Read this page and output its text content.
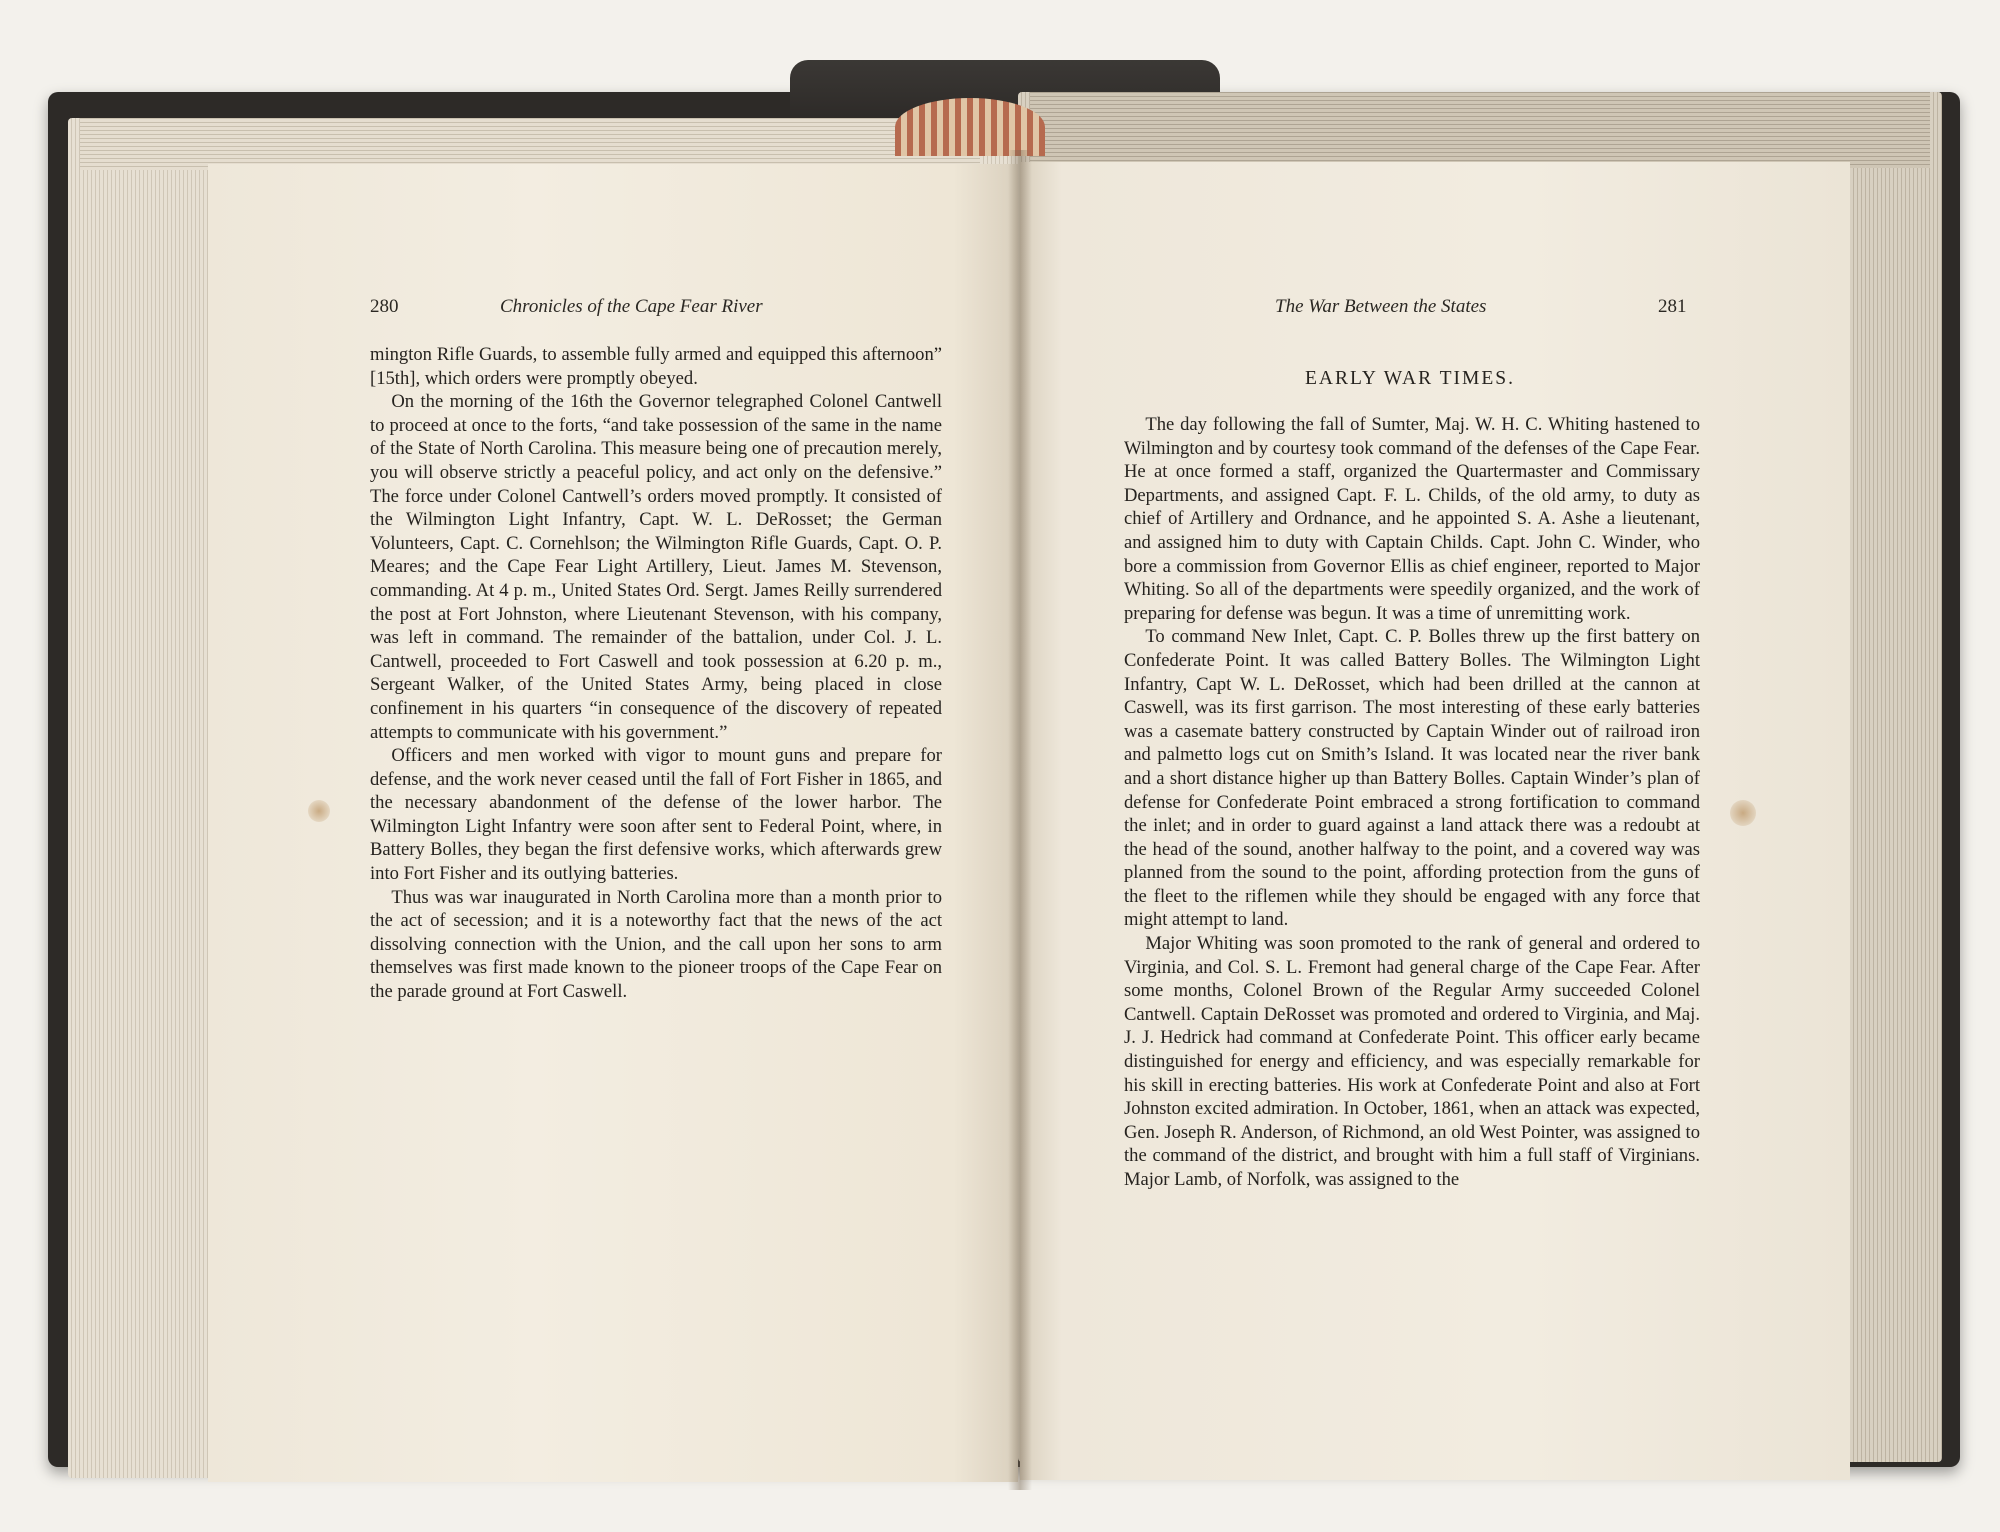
280	Chronicles of the Cape Fear River

mington Rifle Guards, to assemble fully armed and equipped this afternoon” [15th], which orders were promptly obeyed.

On the morning of the 16th the Governor telegraphed Colonel Cantwell to proceed at once to the forts, “and take possession of the same in the name of the State of North Carolina. This measure being one of precaution merely, you will observe strictly a peaceful policy, and act only on the defensive.” The force under Colonel Cantwell’s orders moved promptly. It consisted of the Wilmington Light Infantry, Capt. W. L. DeRosset; the German Volunteers, Capt. C. Cornehlson; the Wilmington Rifle Guards, Capt. O. P. Meares; and the Cape Fear Light Artillery, Lieut. James M. Stevenson, commanding. At 4 p. m., United States Ord. Sergt. James Reilly surrendered the post at Fort Johnston, where Lieutenant Stevenson, with his company, was left in command. The remainder of the battalion, under Col. J. L. Cantwell, proceeded to Fort Caswell and took possession at 6.20 p. m., Sergeant Walker, of the United States Army, being placed in close confinement in his quarters “in consequence of the discovery of repeated attempts to communicate with his government.”

Officers and men worked with vigor to mount guns and prepare for defense, and the work never ceased until the fall of Fort Fisher in 1865, and the necessary abandonment of the defense of the lower harbor. The Wilmington Light Infantry were soon after sent to Federal Point, where, in Battery Bolles, they began the first defensive works, which afterwards grew into Fort Fisher and its outlying batteries.

Thus was war inaugurated in North Carolina more than a month prior to the act of secession; and it is a noteworthy fact that the news of the act dissolving connection with the Union, and the call upon her sons to arm themselves was first made known to the pioneer troops of the Cape Fear on the parade ground at Fort Caswell.

The War Between the States	281
EARLY WAR TIMES.

The day following the fall of Sumter, Maj. W. H. C. Whiting hastened to Wilmington and by courtesy took command of the defenses of the Cape Fear. He at once formed a staff, organized the Quartermaster and Commissary Departments, and assigned Capt. F. L. Childs, of the old army, to duty as chief of Artillery and Ordnance, and he appointed S. A. Ashe a lieutenant, and assigned him to duty with Captain Childs. Capt. John C. Winder, who bore a commission from Governor Ellis as chief engineer, reported to Major Whiting. So all of the departments were speedily organized, and the work of preparing for defense was begun. It was a time of unremitting work.

To command New Inlet, Capt. C. P. Bolles threw up the first battery on Confederate Point. It was called Battery Bolles. The Wilmington Light Infantry, Capt W. L. DeRosset, which had been drilled at the cannon at Caswell, was its first garrison. The most interesting of these early batteries was a casemate battery constructed by Captain Winder out of railroad iron and palmetto logs cut on Smith’s Island. It was located near the river bank and a short distance higher up than Battery Bolles. Captain Winder’s plan of defense for Confederate Point embraced a strong fortification to command the inlet; and in order to guard against a land attack there was a redoubt at the head of the sound, another halfway to the point, and a covered way was planned from the sound to the point, affording protection from the guns of the fleet to the riflemen while they should be engaged with any force that might attempt to land.

Major Whiting was soon promoted to the rank of general and ordered to Virginia, and Col. S. L. Fremont had general charge of the Cape Fear. After some months, Colonel Brown of the Regular Army succeeded Colonel Cantwell. Captain DeRosset was promoted and ordered to Virginia, and Maj. J. J. Hedrick had command at Confederate Point. This officer early became distinguished for energy and efficiency, and was especially remarkable for his skill in erecting batteries. His work at Confederate Point and also at Fort Johnston excited admiration. In October, 1861, when an attack was expected, Gen. Joseph R. Anderson, of Richmond, an old West Pointer, was assigned to the command of the district, and brought with him a full staff of Virginians. Major Lamb, of Norfolk, was assigned to the
